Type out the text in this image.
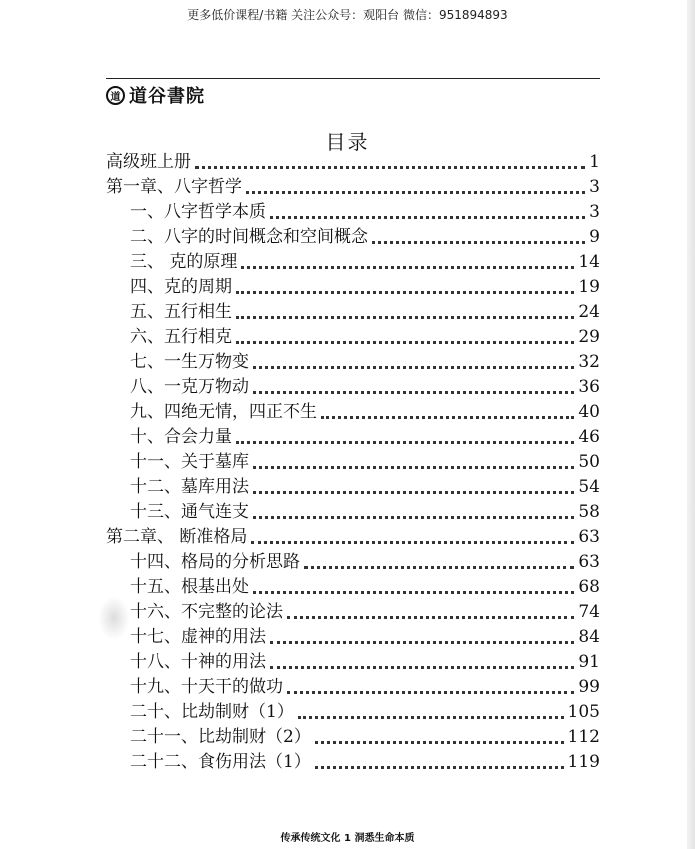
更多低价课程/书籍 关注公众号：观阳台 微信：951894893
道 道谷書院
目录
高级班上册	1
第一章、八字哲学	3
一、八字哲学本质	3
二、八字的时间概念和空间概念	9
三、 克的原理	14
四、克的周期	19
五、五行相生	24
六、五行相克	29
七、一生万物变	32
八、一克万物动	36
九、四绝无情，四正不生	40
十、合会力量	46
十一、关于墓库	50
十二、墓库用法	54
十三、通气连支	58
第二章、 断准格局	63
十四、格局的分析思路	63
十五、根基出处	68
十六、不完整的论法	74
十七、虚神的用法	84
十八、十神的用法	91
十九、十天干的做功	99
二十、比劫制财（1）	105
二十一、比劫制财（2）	112
二十二、食伤用法（1）	119
传承传统文化 1 洞悉生命本质
